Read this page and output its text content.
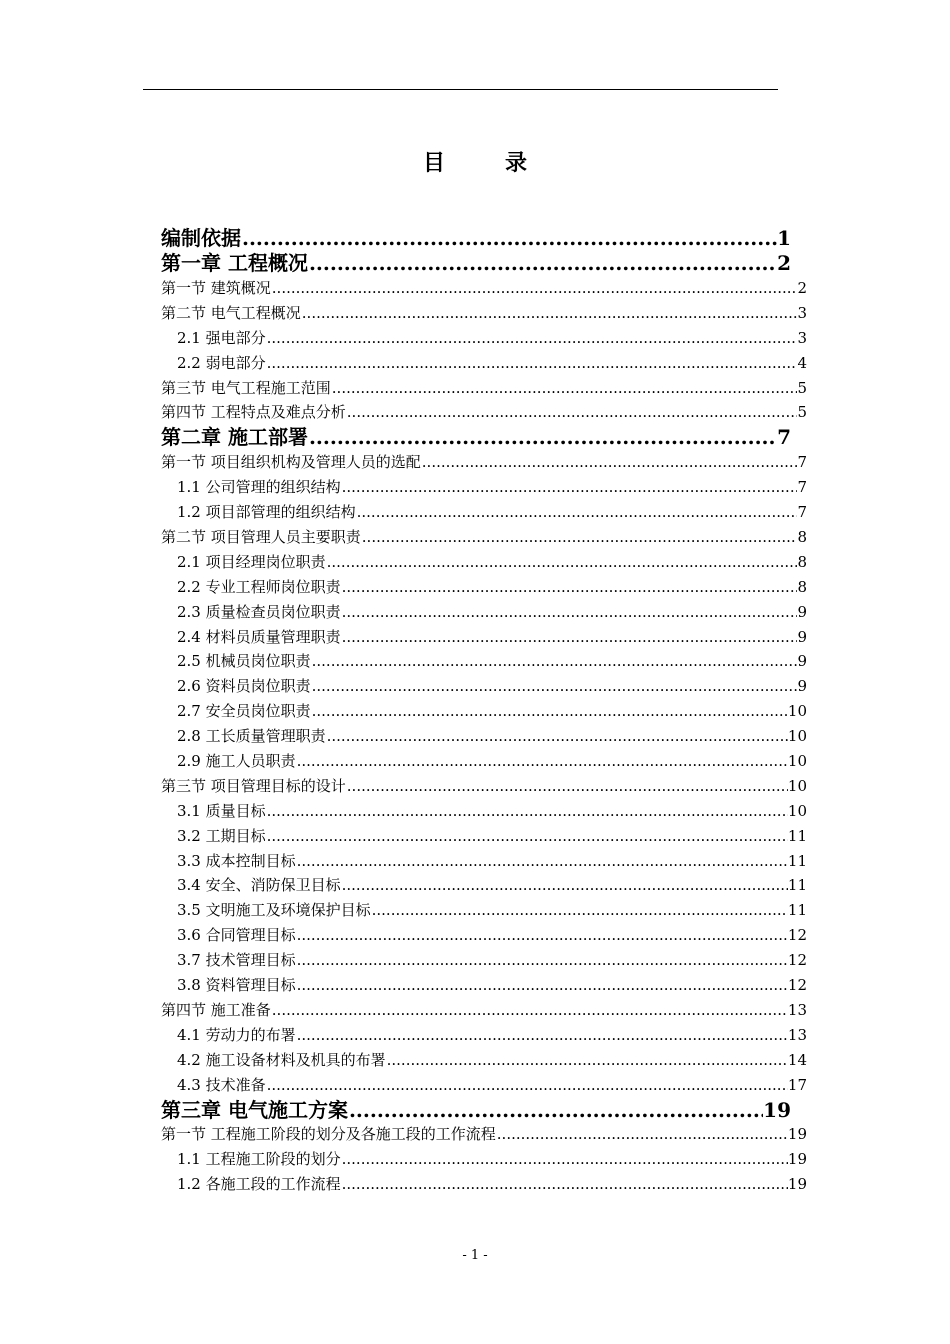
目	录
编制依据 .....	1
第一章 工程概况 .....	2
第一节 建筑概况 .....	2
第二节 电气工程概况 .....	3
2.1 强电部分 .....	3
2.2 弱电部分 .....	4
第三节 电气工程施工范围 .....	5
第四节 工程特点及难点分析 .....	5
第二章 施工部署 .....	7
第一节 项目组织机构及管理人员的选配 .....	7
1.1 公司管理的组织结构 .....	7
1.2 项目部管理的组织结构 .....	7
第二节 项目管理人员主要职责 .....	8
2.1 项目经理岗位职责 .....	8
2.2 专业工程师岗位职责 .....	8
2.3 质量检查员岗位职责 .....	9
2.4 材料员质量管理职责 .....	9
2.5 机械员岗位职责 .....	9
2.6 资料员岗位职责 .....	9
2.7 安全员岗位职责 .....	10
2.8 工长质量管理职责 .....	10
2.9 施工人员职责 .....	10
第三节 项目管理目标的设计 .....	10
3.1 质量目标 .....	10
3.2 工期目标 .....	11
3.3 成本控制目标 .....	11
3.4 安全、消防保卫目标 .....	11
3.5 文明施工及环境保护目标 .....	11
3.6 合同管理目标 .....	12
3.7 技术管理目标 .....	12
3.8 资料管理目标 .....	12
第四节 施工准备 .....	13
4.1 劳动力的布署 .....	13
4.2 施工设备材料及机具的布署 .....	14
4.3 技术准备 .....	17
第三章 电气施工方案 .....	19
第一节 工程施工阶段的划分及各施工段的工作流程 .....	19
1.1 工程施工阶段的划分 .....	19
1.2 各施工段的工作流程 .....	19
- 1 -
